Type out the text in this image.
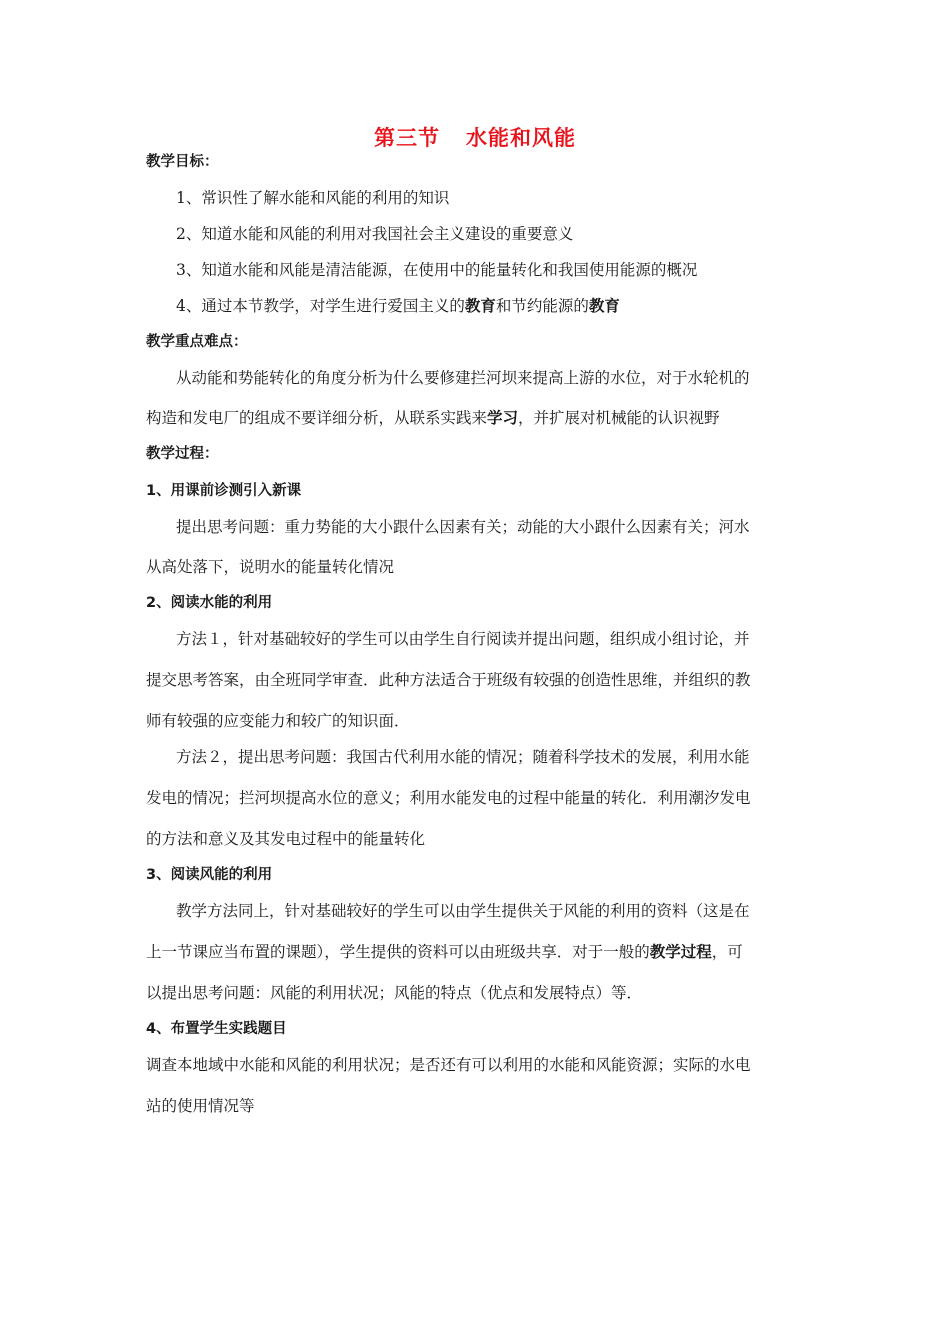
第三节 水能和风能
教学目标：
1、常识性了解水能和风能的利用的知识
2、知道水能和风能的利用对我国社会主义建设的重要意义
3、知道水能和风能是清洁能源，在使用中的能量转化和我国使用能源的概况
4、通过本节教学，对学生进行爱国主义的教育和节约能源的教育
教学重点难点：
从动能和势能转化的角度分析为什么要修建拦河坝来提高上游的水位，对于水轮机的
构造和发电厂的组成不要详细分析，从联系实践来学习，并扩展对机械能的认识视野
教学过程：
1、用课前诊测引入新课
提出思考问题：重力势能的大小跟什么因素有关；动能的大小跟什么因素有关；河水
从高处落下，说明水的能量转化情况
2、阅读水能的利用
方法１，针对基础较好的学生可以由学生自行阅读并提出问题，组织成小组讨论，并
提交思考答案，由全班同学审查．此种方法适合于班级有较强的创造性思维，并组织的教
师有较强的应变能力和较广的知识面．
方法２，提出思考问题：我国古代利用水能的情况；随着科学技术的发展，利用水能
发电的情况；拦河坝提高水位的意义；利用水能发电的过程中能量的转化．利用潮汐发电
的方法和意义及其发电过程中的能量转化
3、阅读风能的利用
教学方法同上，针对基础较好的学生可以由学生提供关于风能的利用的资料（这是在
上一节课应当布置的课题），学生提供的资料可以由班级共享．对于一般的教学过程，可
以提出思考问题：风能的利用状况；风能的特点（优点和发展特点）等．
4、布置学生实践题目
调查本地域中水能和风能的利用状况；是否还有可以利用的水能和风能资源；实际的水电
站的使用情况等
